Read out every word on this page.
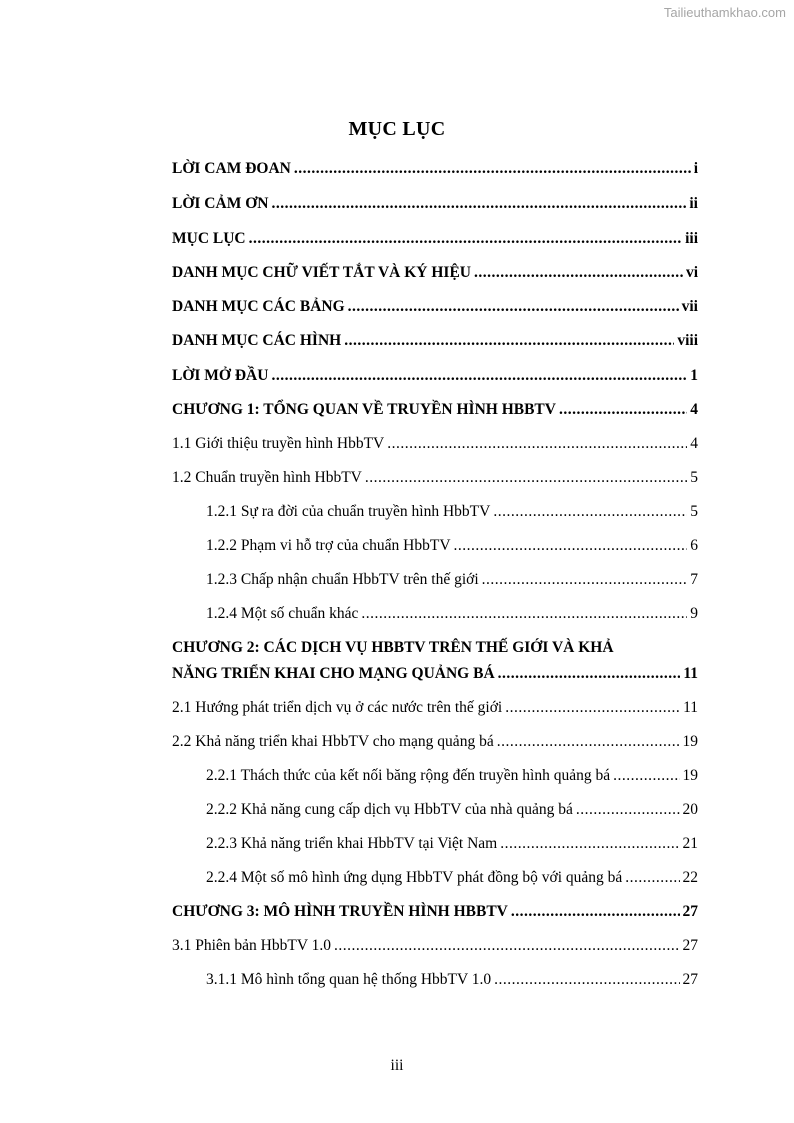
Tailieuthamkhao.com
MỤC LỤC
LỜI CAM ĐOAN .....	i
LỜI CẢM ƠN .....	ii
MỤC LỤC .....	iii
DANH MỤC CHỮ VIẾT TẮT VÀ KÝ HIỆU .....	vi
DANH MỤC CÁC BẢNG .....	vii
DANH MỤC CÁC HÌNH .....	viii
LỜI MỞ ĐẦU .....	1
CHƯƠNG 1: TỔNG QUAN VỀ TRUYỀN HÌNH HBBTV .....	4
1.1 Giới thiệu truyền hình HbbTV .....	4
1.2 Chuẩn truyền hình HbbTV .....	5
1.2.1 Sự ra đời của chuẩn truyền hình HbbTV .....	5
1.2.2 Phạm vi hỗ trợ của chuẩn HbbTV .....	6
1.2.3 Chấp nhận chuẩn HbbTV trên thế giới .....	7
1.2.4 Một số chuẩn khác .....	9
CHƯƠNG 2: CÁC DỊCH VỤ HBBTV TRÊN THẾ GIỚI VÀ KHẢ
NĂNG TRIỂN KHAI CHO MẠNG QUẢNG BÁ .....	11
2.1 Hướng phát triển dịch vụ ở các nước trên thế giới .....	11
2.2 Khả năng triển khai HbbTV cho mạng quảng bá .....	19
2.2.1 Thách thức của kết nối băng rộng đến truyền hình quảng bá .....	19
2.2.2 Khả năng cung cấp dịch vụ HbbTV của nhà quảng bá .....	20
2.2.3 Khả năng triển khai HbbTV tại Việt Nam .....	21
2.2.4 Một số mô hình ứng dụng HbbTV phát đồng bộ với quảng bá .....	22
CHƯƠNG 3: MÔ HÌNH TRUYỀN HÌNH HBBTV .....	27
3.1 Phiên bản HbbTV 1.0 .....	27
3.1.1 Mô hình tổng quan hệ thống HbbTV 1.0 .....	27
iii
